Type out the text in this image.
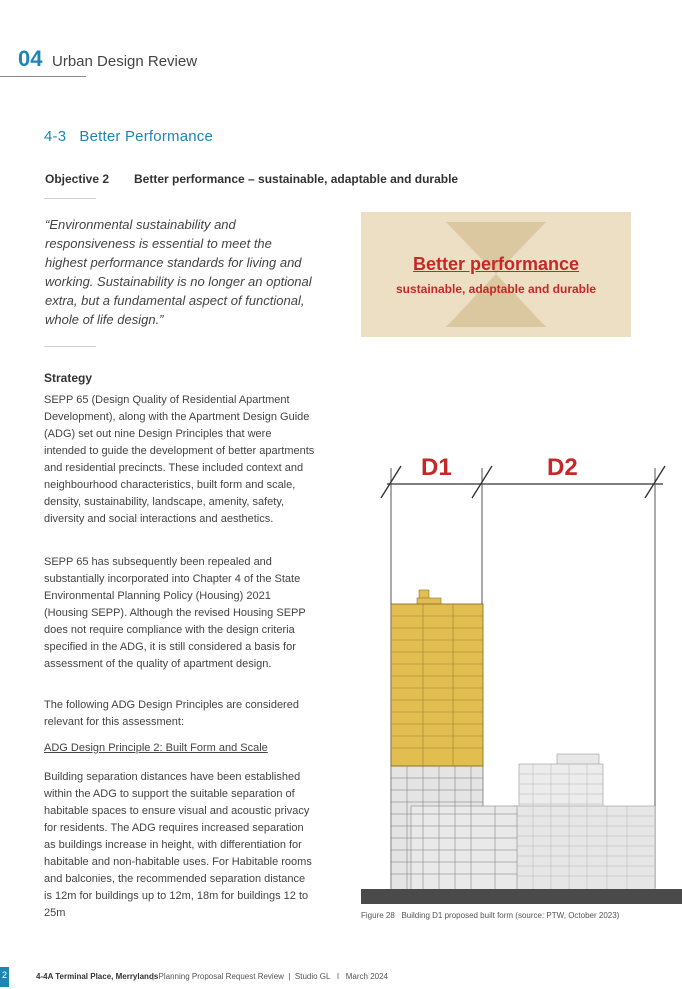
04 Urban Design Review
4-3   Better Performance
Objective 2 Better performance – sustainable, adaptable and durable

“Environmental sustainability and responsiveness is essential to meet the highest performance standards for living and working. Sustainability is no longer an optional extra, but a fundamental aspect of functional, whole of life design.”

Better performance
sustainable, adaptable and durable
Strategy

SEPP 65 (Design Quality of Residential Apartment Development), along with the Apartment Design Guide (ADG) set out nine Design Principles that were intended to guide the development of better apartments and residential precincts. These included context and neighbourhood characteristics, built form and scale, density, sustainability, landscape, amenity, safety, diversity and social interactions and aesthetics.

SEPP 65 has subsequently been repealed and substantially incorporated into Chapter 4 of the State Environmental Planning Policy (Housing) 2021 (Housing SEPP). Although the revised Housing SEPP does not require compliance with the design criteria specified in the ADG, it is still considered a basis for assessment of the quality of apartment design.

The following ADG Design Principles are considered relevant for this assessment:

ADG Design Principle 2: Built Form and Scale

Building separation distances have been established within the ADG to support the suitable separation of habitable spaces to ensure visual and acoustic privacy for residents. The ADG requires increased separation as buildings increase in height, with differentiation for habitable and non-habitable uses. For Habitable rooms and balconies, the recommended separation distance is 12m for buildings up to 12m, 18m for buildings 12 to 25m

D1	D2
Figure 28   Building D1 proposed built form (source: PTW, October 2023)
2	4-4A Terminal Place, Merrylands
|  Planning Proposal Request Review  |  Studio GL   I   March 2024
